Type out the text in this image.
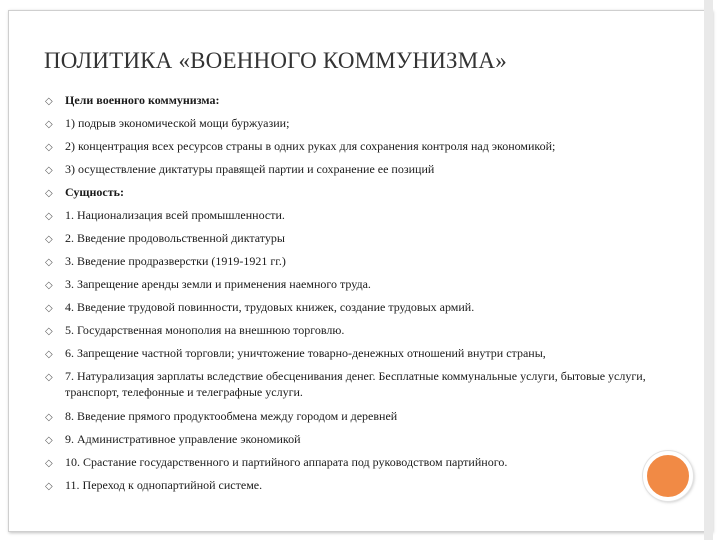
ПОЛИТИКА «ВОЕННОГО КОММУНИЗМА»
◇ Цели военного коммунизма:
◇ 1) подрыв экономической мощи буржуазии;
◇ 2) концентрация всех ресурсов страны в одних руках для сохранения контроля над экономикой;
◇ 3) осуществление диктатуры правящей партии и сохранение ее позиций
◇ Сущность:
◇ 1. Национализация всей промышленности.
◇ 2. Введение продовольственной диктатуры
◇ 3. Введение продразверстки (1919-1921 гг.)
◇ 3. Запрещение аренды земли и применения наемного труда.
◇ 4. Введение трудовой повинности, трудовых книжек, создание трудовых армий.
◇ 5. Государственная монополия на внешнюю торговлю.
◇ 6. Запрещение частной торговли; уничтожение товарно-денежных отношений внутри страны,
◇ 7. Натурализация зарплаты вследствие обесценивания денег. Бесплатные коммунальные услуги, бытовые услуги, транспорт, телефонные и телеграфные услуги.
◇ 8. Введение прямого продуктообмена между городом и деревней
◇ 9. Административное управление экономикой
◇ 10. Срастание государственного и партийного аппарата под руководством партийного.
◇ 11. Переход к однопартийной системе.
